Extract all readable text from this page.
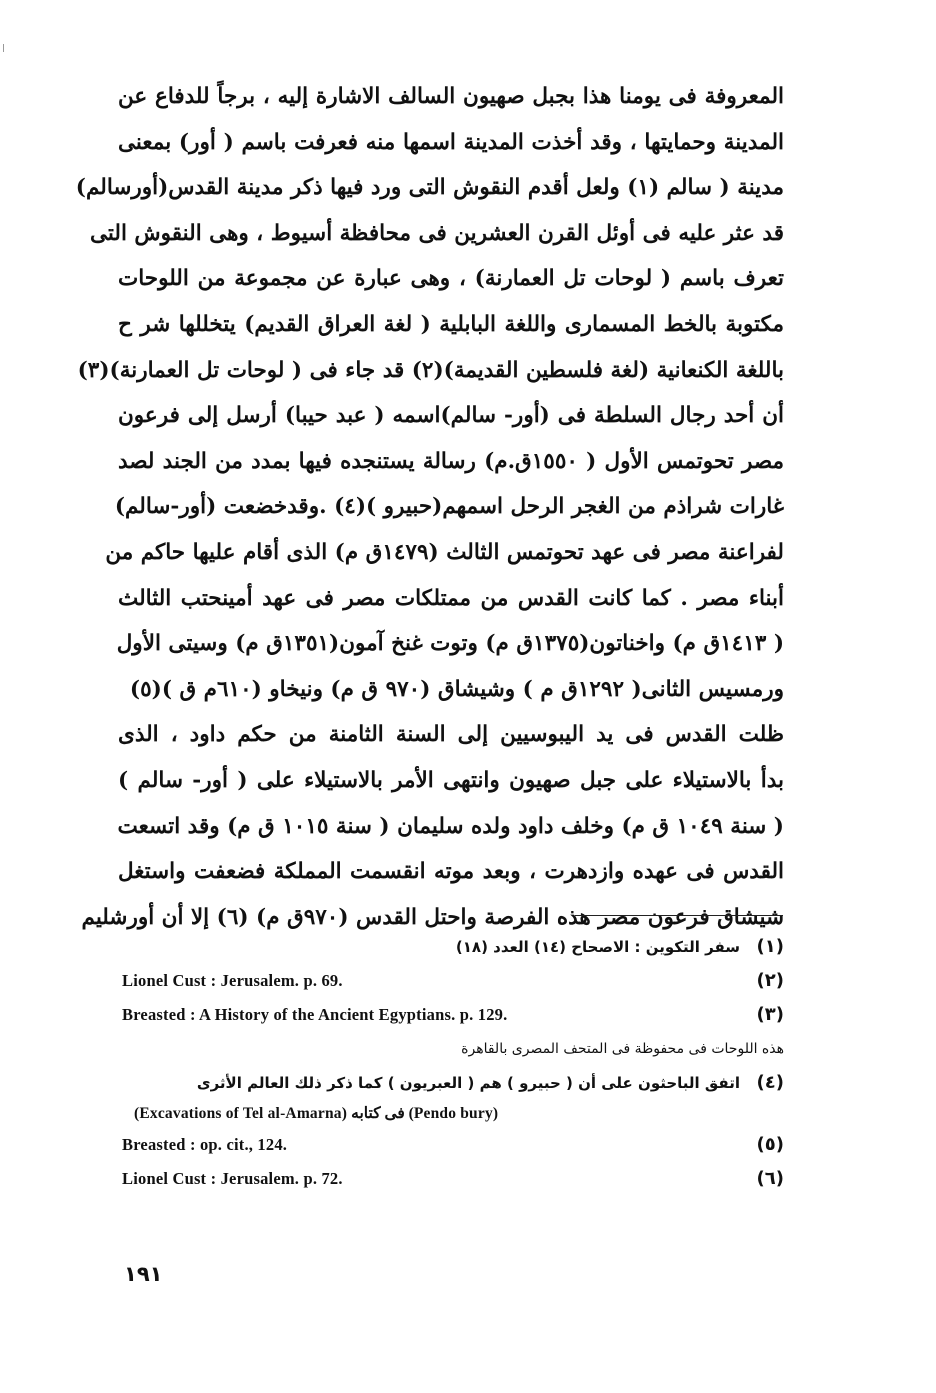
المعروفة فى يومنا هذا بجبل صهيون السالف الاشارة إليه ، برجاً للدفاع عن
المدينة وحمايتها ، وقد أخذت المدينة اسمها منه فعرفت باسم ( أور) بمعنى
مدينة ( سالم (١) ولعل أقدم النقوش التى ورد فيها ذكر مدينة القدس(أورسالم)
قد عثر عليه فى أوئل القرن العشرين فى محافظة أسيوط ، وهى النقوش التى
تعرف باسم ( لوحات تل العمارنة) ، وهى عبارة عن مجموعة من اللوحات
مكتوبة بالخط المسمارى واللغة البابلية ( لغة العراق القديم) يتخللها شر ح
باللغة الكنعانية (لغة فلسطين القديمة)(٢) قد جاء فى ( لوحات تل العمارنة)(٣)
أن أحد رجال السلطة فى (أور- سالم)اسمه ( عبد حيبا) أرسل إلى فرعون
مصر تحوتمس الأول ( ١٥٥٠ق.م) رسالة يستنجده فيها بمدد من الجند لصد
غارات شراذم من الغجر الرحل اسمهم(حبيرو )(٤) .وقدخضعت (أور-سالم)
لفراعنة مصر فى عهد تحوتمس الثالث (١٤٧٩ق م) الذى أقام عليها حاكم من
أبناء مصر . كما كانت القدس من ممتلكات مصر فى عهد أمينحتب الثالث
( ١٤١٣ق م) واخناتون(١٣٧٥ق م) وتوت غنخ آمون(١٣٥١ق م) وسيتى الأول
ورمسيس الثانى( ١٢٩٢ق م ) وشيشاق (٩٧٠ ق م) ونيخاو (٦١٠م ق )(٥)
ظلت القدس فى يد اليبوسيين إلى السنة الثامنة من حكم داود ، الذى
بدأ بالاستيلاء على جبل صهيون وانتهى الأمر بالاستيلاء على ( أور- سالم )
( سنة ١٠٤٩ ق م) وخلف داود ولده سليمان ( سنة ١٠١٥ ق م) وقد اتسعت
القدس فى عهده وازدهرت ، وبعد موته انقسمت المملكة فضعفت واستغل
شيشاق فرعون مصر هذه الفرصة واحتل القدس (٩٧٠ق م) (٦) إلا أن أورشليم
(١)
سفر التكوين : الاصحاح (١٤) العدد (١٨)
(٢)
Lionel Cust : Jerusalem. p. 69.
(٣)
Breasted : A History of the Ancient Egyptians. p. 129.
هذه اللوحات فى محفوظة فى المتحف المصرى بالقاهرة
(٤)
اتفق الباحثون على أن ( حبيرو ) هم ( العبريون ) كما ذكر ذلك العالم الأثرى
(Excavations of Tel al-Amarna) فى كتابه (Pendo bury)
(٥)
Breasted : op. cit., 124.
(٦)
Lionel Cust : Jerusalem. p. 72.
١٩١
